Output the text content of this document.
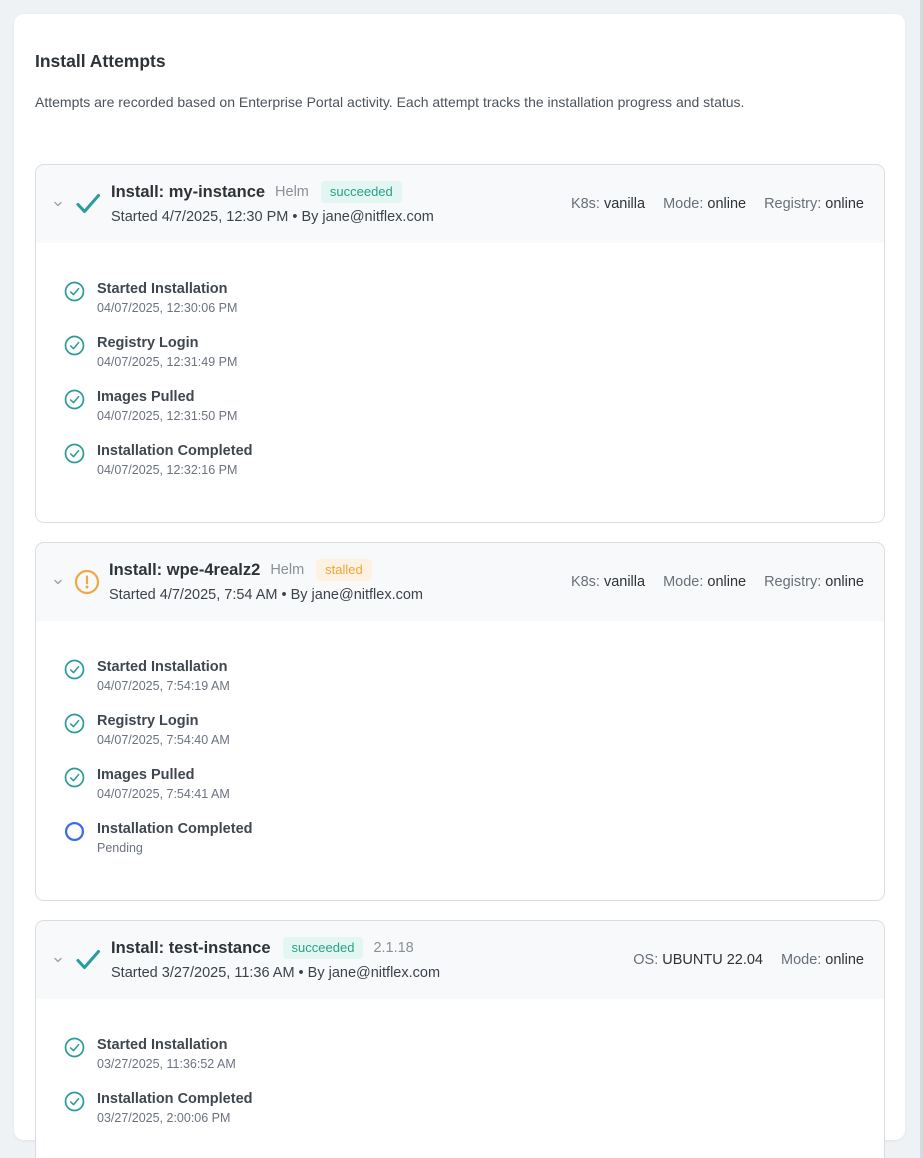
Install Attempts

Attempts are recorded based on Enterprise Portal activity. Each attempt tracks the installation progress and status.

Install: my-instance Helm	succeeded
Started 4/7/2025, 12:30 PM • By jane@nitflex.com
K8s: vanilla Mode: online Registry: online
Started Installation
04/07/2025, 12:30:06 PM
Registry Login
04/07/2025, 12:31:49 PM
Images Pulled
04/07/2025, 12:31:50 PM
Installation Completed
04/07/2025, 12:32:16 PM
Install: wpe-4realz2 Helm	stalled
Started 4/7/2025, 7:54 AM • By jane@nitflex.com
K8s: vanilla Mode: online Registry: online
Started Installation
04/07/2025, 7:54:19 AM
Registry Login
04/07/2025, 7:54:40 AM
Images Pulled
04/07/2025, 7:54:41 AM
Installation Completed
Pending
Install: test-instance	succeeded	2.1.18
Started 3/27/2025, 11:36 AM • By jane@nitflex.com
OS: UBUNTU 22.04 Mode: online
Started Installation
03/27/2025, 11:36:52 AM
Installation Completed
03/27/2025, 2:00:06 PM
